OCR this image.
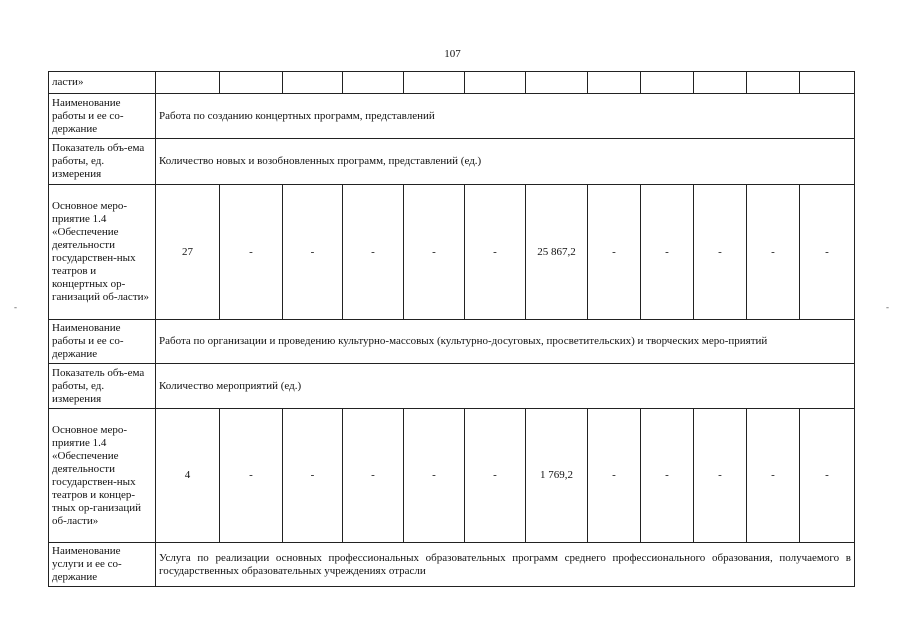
107
ласти»												
Наименование работы и ее со-держание	Работа по созданию концертных программ, представлений											
Показатель объ-ема работы, ед. измерения	Количество новых и возобновленных программ, представлений (ед.)											
Основное меро-приятие 1.4 «Обеспечение деятельности государствен-ных театров и концертных ор-ганизаций об-ласти»	27	-	-	-	-	-	25 867,2	-	-	-	-	-
Наименование работы и ее со-держание	Работа по организации и проведению культурно-массовых (культурно-досуговых, просветительских) и творческих меро-приятий											
Показатель объ-ема работы, ед. измерения	Количество мероприятий (ед.)											
Основное меро-приятие 1.4 «Обеспечение деятельности государствен-ных театров и концер-тных ор-ганизаций об-ласти»	4	-	-	-	-	-	1 769,2	-	-	-	-	-
Наименование услуги и ее со-держание	Услуга по реализации основных профессиональных образовательных программ среднего профессионального образования, получаемого в государственных образовательных учреждениях отрасли											
-	-
